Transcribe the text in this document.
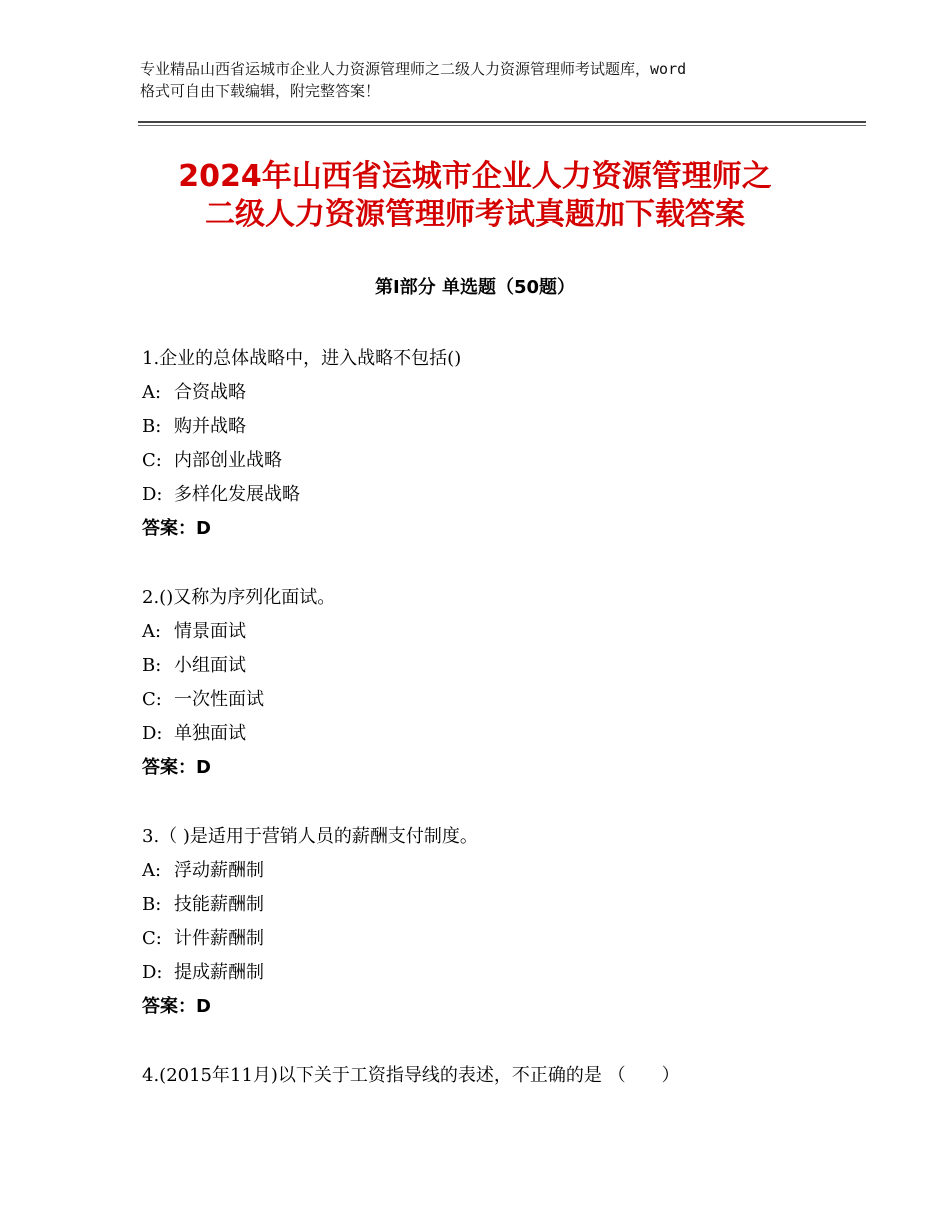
专业精品山西省运城市企业人力资源管理师之二级人力资源管理师考试题库，word
格式可自由下载编辑，附完整答案！
2024年山西省运城市企业人力资源管理师之
二级人力资源管理师考试真题加下载答案
第Ⅰ部分 单选题（50题）
1.企业的总体战略中，进入战略不包括()
A: 合资战略
B: 购并战略
C: 内部创业战略
D: 多样化发展战略
答案：D
2.()又称为序列化面试。
A: 情景面试
B: 小组面试
C: 一次性面试
D: 单独面试
答案：D
3.（ )是适用于营销人员的薪酬支付制度。
A: 浮动薪酬制
B: 技能薪酬制
C: 计件薪酬制
D: 提成薪酬制
答案：D
4.(2015年11月)以下关于工资指导线的表述，不正确的是 （　　）
